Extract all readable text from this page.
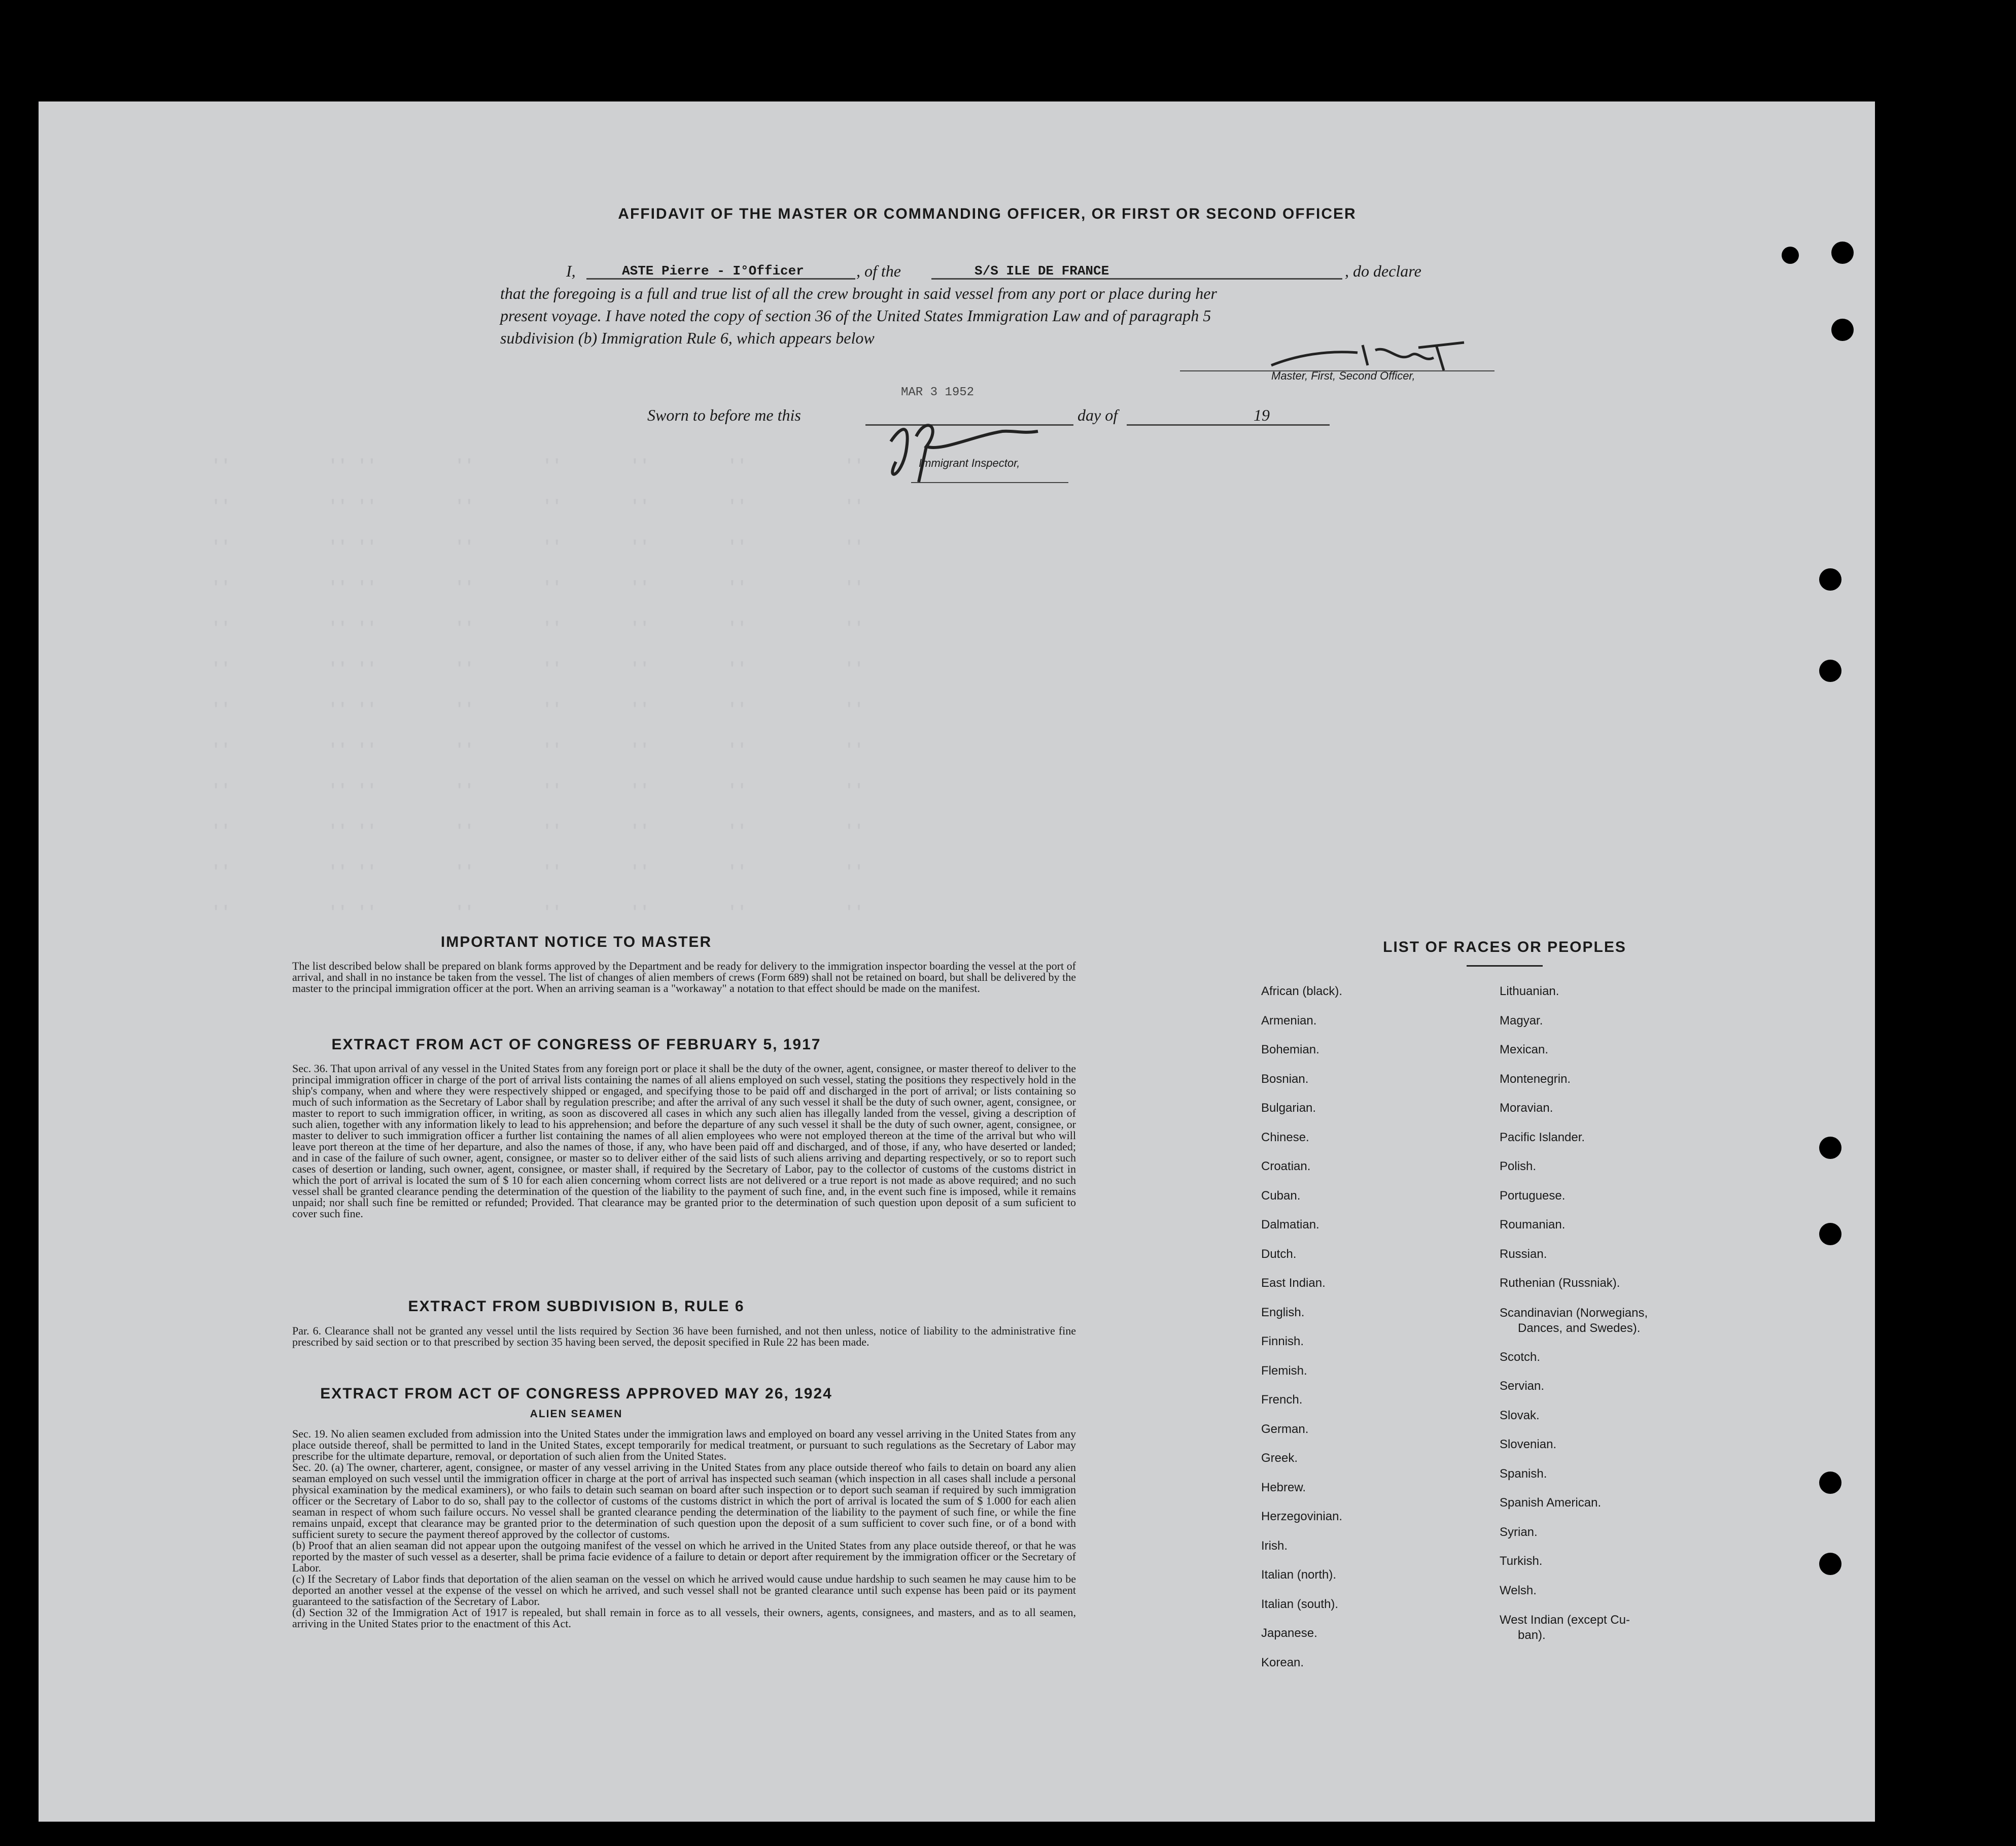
''          '' ''        ''       ''       ''        ''          ''
''          '' ''        ''       ''       ''        ''          ''
''          '' ''        ''       ''       ''        ''          ''
''          '' ''        ''       ''       ''        ''          ''
''          '' ''        ''       ''       ''        ''          ''
''          '' ''        ''       ''       ''        ''          ''
''          '' ''        ''       ''       ''        ''          ''
''          '' ''        ''       ''       ''        ''          ''
''          '' ''        ''       ''       ''        ''          ''
''          '' ''        ''       ''       ''        ''          ''
''          '' ''        ''       ''       ''        ''          ''
''          '' ''        ''       ''       ''        ''          ''
AFFIDAVIT OF THE MASTER OR COMMANDING OFFICER, OR FIRST OR SECOND OFFICER
I,	ASTE Pierre - I°Officer	, of the	S/S ILE DE FRANCE	, do declare
that the foregoing is a full and true list of all the crew brought in said vessel from any port or place during her
present voyage. I have noted the copy of section 36 of the United States Immigration Law and of paragraph 5
subdivision (b) Immigration Rule 6, which appears below
Master, First, Second Officer,
Sworn to before me this
MAR 3 1952
day of	19
Immigrant Inspector,
IMPORTANT NOTICE TO MASTER
The list described below shall be prepared on blank forms approved by the Department and be ready for delivery to the immigration inspector boarding the vessel at the port of arrival, and shall in no instance be taken from the vessel. The list of changes of alien members of crews (Form 689) shall not be retained on board, but shall be delivered by the master to the principal immigration officer at the port. When an arriving seaman is a "workaway" a notation to that effect should be made on the manifest.
EXTRACT FROM ACT OF CONGRESS OF FEBRUARY 5, 1917
Sec. 36. That upon arrival of any vessel in the United States from any foreign port or place it shall be the duty of the owner, agent, consignee, or master thereof to deliver to the principal immigration officer in charge of the port of arrival lists containing the names of all aliens employed on such vessel, stating the positions they respectively hold in the ship's company, when and where they were respectively shipped or engaged, and specifying those to be paid off and discharged in the port of arrival; or lists containing so much of such information as the Secretary of Labor shall by regulation prescribe; and after the arrival of any such vessel it shall be the duty of such owner, agent, consignee, or master to report to such immigration officer, in writing, as soon as discovered all cases in which any such alien has illegally landed from the vessel, giving a description of such alien, together with any information likely to lead to his apprehension; and before the departure of any such vessel it shall be the duty of such owner, agent, consignee, or master to deliver to such immigration officer a further list containing the names of all alien employees who were not employed thereon at the time of the arrival but who will leave port thereon at the time of her departure, and also the names of those, if any, who have been paid off and discharged, and of those, if any, who have deserted or landed; and in case of the failure of such owner, agent, consignee, or master so to deliver either of the said lists of such aliens arriving and departing respectively, or so to report such cases of desertion or landing, such owner, agent, consignee, or master shall, if required by the Secretary of Labor, pay to the collector of customs of the customs district in which the port of arrival is located the sum of $ 10 for each alien concerning whom correct lists are not delivered or a true report is not made as above required; and no such vessel shall be granted clearance pending the determination of the question of the liability to the payment of such fine, and, in the event such fine is imposed, while it remains unpaid; nor shall such fine be remitted or refunded; Provided. That clearance may be granted prior to the determination of such question upon deposit of a sum suficient to cover such fine.
EXTRACT FROM SUBDIVISION B, RULE 6
Par. 6. Clearance shall not be granted any vessel until the lists required by Section 36 have been furnished, and not then unless, notice of liability to the administrative fine prescribed by said section or to that prescribed by section 35 having been served, the deposit specified in Rule 22 has been made.
EXTRACT FROM ACT OF CONGRESS APPROVED MAY 26, 1924
ALIEN SEAMEN

Sec. 19. No alien seamen excluded from admission into the United States under the immigration laws and employed on board any vessel arriving in the United States from any place outside thereof, shall be permitted to land in the United States, except temporarily for medical treatment, or pursuant to such regulations as the Secretary of Labor may prescribe for the ultimate departure, removal, or deportation of such alien from the United States.

Sec. 20. (a) The owner, charterer, agent, consignee, or master of any vessel arriving in the United States from any place outside thereof who fails to detain on board any alien seaman employed on such vessel until the immigration officer in charge at the port of arrival has inspected such seaman (which inspection in all cases shall include a personal physical examination by the medical examiners), or who fails to detain such seaman on board after such inspection or to deport such seaman if required by such immigration officer or the Secretary of Labor to do so, shall pay to the collector of customs of the customs district in which the port of arrival is located the sum of $ 1.000 for each alien seaman in respect of whom such failure occurs. No vessel shall be granted clearance pending the determination of the liability to the payment of such fine, or while the fine remains unpaid, except that clearance may be granted prior to the determination of such question upon the deposit of a sum sufficient to cover such fine, or of a bond with sufficient surety to secure the payment thereof approved by the collector of customs.

(b) Proof that an alien seaman did not appear upon the outgoing manifest of the vessel on which he arrived in the United States from any place outside thereof, or that he was reported by the master of such vessel as a deserter, shall be prima facie evidence of a failure to detain or deport after requirement by the immigration officer or the Secretary of Labor.

(c) If the Secretary of Labor finds that deportation of the alien seaman on the vessel on which he arrived would cause undue hardship to such seamen he may cause him to be deported an another vessel at the expense of the vessel on which he arrived, and such vessel shall not be granted clearance until such expense has been paid or its payment guaranteed to the satisfaction of the Secretary of Labor.

(d) Section 32 of the Immigration Act of 1917 is repealed, but shall remain in force as to all vessels, their owners, agents, consignees, and masters, and as to all seamen, arriving in the United States prior to the enactment of this Act.

LIST OF RACES OR PEOPLES
African (black).
Armenian.
Bohemian.
Bosnian.
Bulgarian.
Chinese.
Croatian.
Cuban.
Dalmatian.
Dutch.
East Indian.
English.
Finnish.
Flemish.
French.
German.
Greek.
Hebrew.
Herzegovinian.
Irish.
Italian (north).
Italian (south).
Japanese.
Korean.
Lithuanian.
Magyar.
Mexican.
Montenegrin.
Moravian.
Pacific Islander.
Polish.
Portuguese.
Roumanian.
Russian.
Ruthenian (Russniak).
Scandinavian (Norwegians,
Dances, and Swedes).
Scotch.
Servian.
Slovak.
Slovenian.
Spanish.
Spanish American.
Syrian.
Turkish.
Welsh.
West Indian (except Cu-
ban).
